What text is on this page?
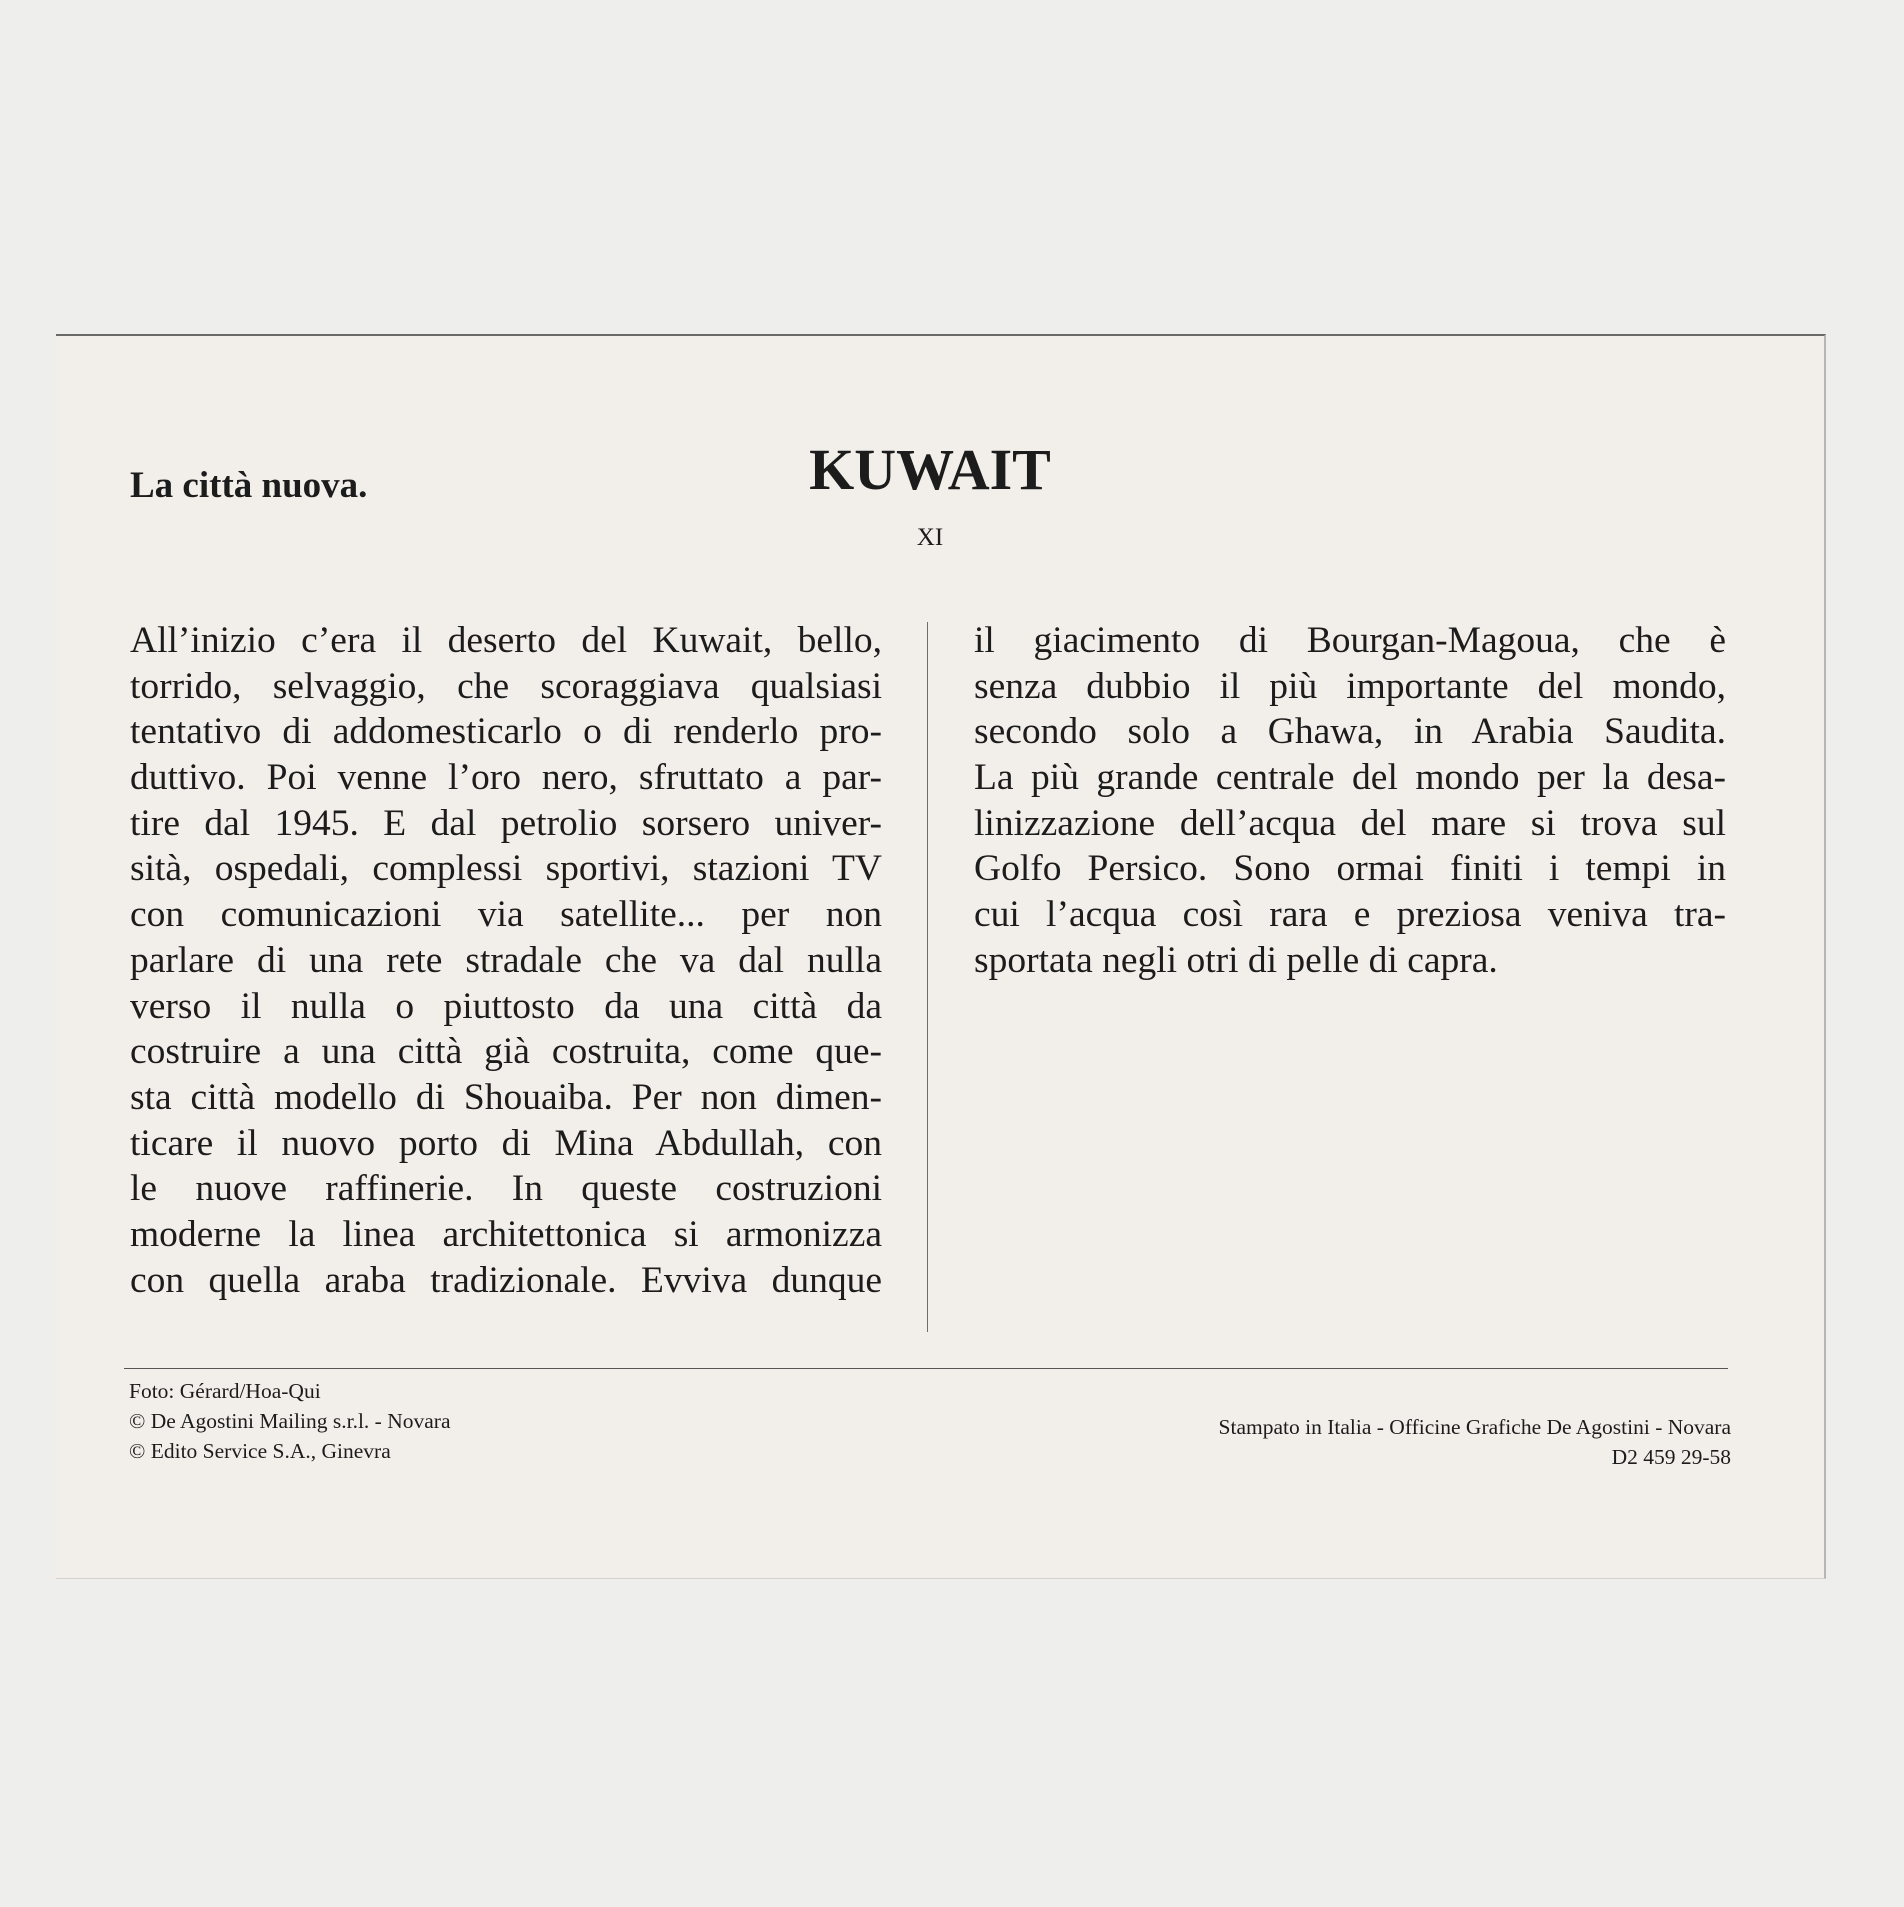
La città nuova.	KUWAIT
XI
All’inizio c’era il deserto del Kuwait, bello,
torrido, selvaggio, che scoraggiava qualsiasi
tentativo di addomesticarlo o di renderlo pro-
duttivo. Poi venne l’oro nero, sfruttato a par-
tire dal 1945. E dal petrolio sorsero univer-
sità, ospedali, complessi sportivi, stazioni TV
con comunicazioni via satellite... per non
parlare di una rete stradale che va dal nulla
verso il nulla o piuttosto da una città da
costruire a una città già costruita, come que-
sta città modello di Shouaiba. Per non dimen-
ticare il nuovo porto di Mina Abdullah, con
le nuove raffinerie. In queste costruzioni
moderne la linea architettonica si armonizza
con quella araba tradizionale. Evviva dunque
il giacimento di Bourgan-Magoua, che è
senza dubbio il più importante del mondo,
secondo solo a Ghawa, in Arabia Saudita.
La più grande centrale del mondo per la desa-
linizzazione dell’acqua del mare si trova sul
Golfo Persico. Sono ormai finiti i tempi in
cui l’acqua così rara e preziosa veniva tra-
sportata negli otri di pelle di capra.
Foto: Gérard/Hoa-Qui
© De Agostini Mailing s.r.l. - Novara
© Edito Service S.A., Ginevra
Stampato in Italia - Officine Grafiche De Agostini - Novara
D2 459 29-58
